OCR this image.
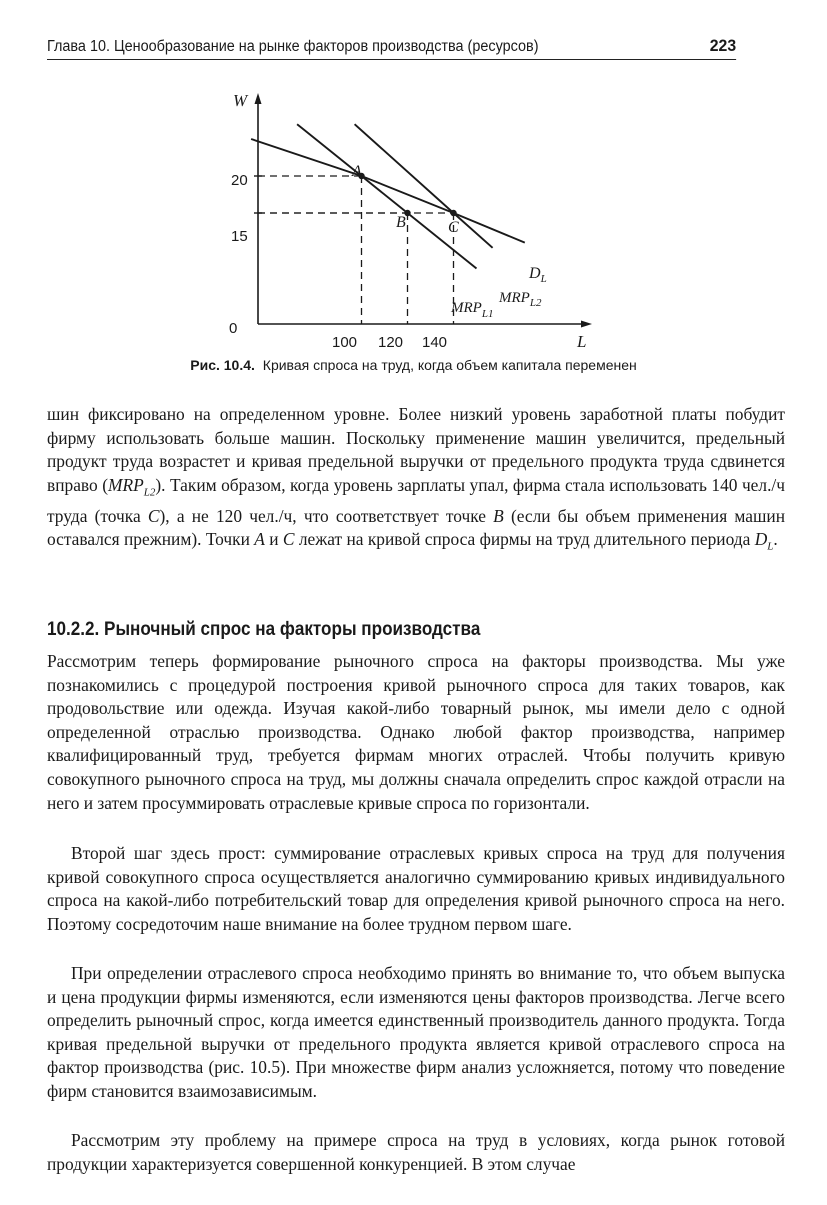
Глава 10. Ценообразование на рынке факторов производства (ресурсов)	223
W
L
0
20
15
100 120 140
A
B	C
$D_L$
$MRP_{L1}$
$MRP_{L2}$
Рис. 10.4. Кривая спроса на труд, когда объем капитала переменен

шин фиксировано на определенном уровне. Более низкий уровень заработной платы побудит фирму использовать больше машин. Поскольку применение машин увеличится, предельный продукт труда возрастет и кривая предельной выручки от предельного продукта труда сдвинется вправо $(MRP_{L2})$. Таким образом, когда уровень зарплаты упал, фирма стала использовать 140 чел./ч труда (точка C), а не 120 чел./ч, что соответствует точке B (если бы объем применения машин оставался прежним). Точки A и C лежат на кривой спроса фирмы на труд длительного периода $D_L$.

10.2.2. Рыночный спрос на факторы производства

Рассмотрим теперь формирование рыночного спроса на факторы производства. Мы уже познакомились с процедурой построения кривой рыночного спроса для таких товаров, как продовольствие или одежда. Изучая какой-либо товарный рынок, мы имели дело с одной определенной отраслью производства. Однако любой фактор производства, например квалифицированный труд, требуется фирмам многих отраслей. Чтобы получить кривую совокупного рыночного спроса на труд, мы должны сначала определить спрос каждой отрасли на него и затем просуммировать отраслевые кривые спроса по горизонтали.

Второй шаг здесь прост: суммирование отраслевых кривых спроса на труд для получения кривой совокупного спроса осуществляется аналогично суммированию кривых индивидуального спроса на какой-либо потребительский товар для определения кривой рыночного спроса на него. Поэтому сосредоточим наше внимание на более трудном первом шаге.

При определении отраслевого спроса необходимо принять во внимание то, что объем выпуска и цена продукции фирмы изменяются, если изменяются цены факторов производства. Легче всего определить рыночный спрос, когда имеется единственный производитель данного продукта. Тогда кривая предельной выручки от предельного продукта является кривой отраслевого спроса на фактор производства (рис. 10.5). При множестве фирм анализ усложняется, потому что поведение фирм становится взаимозависимым.

Рассмотрим эту проблему на примере спроса на труд в условиях, когда рынок готовой продукции характеризуется совершенной конкуренцией. В этом случае
